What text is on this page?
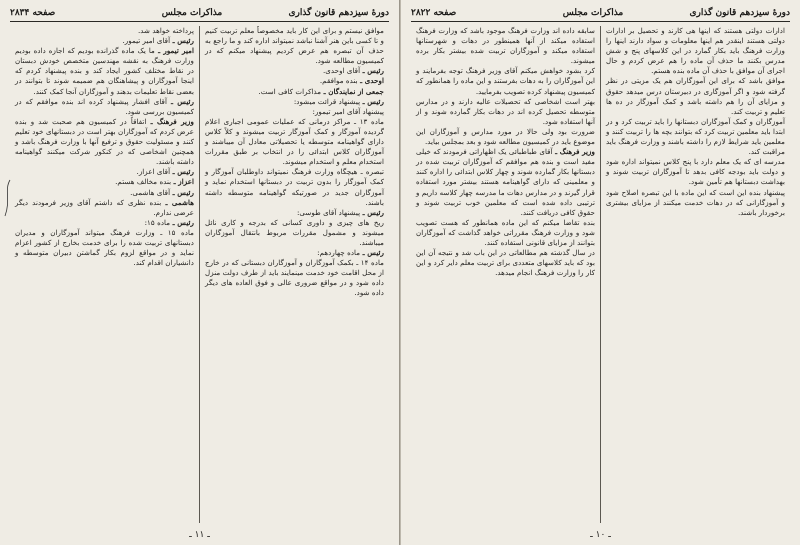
دورهٔ سیزدهم قانون گذاری
مذاکرات مجلس
صفحه ۲۸۳۴

موافق نیستم و برای این کار باید مخصوصاً معلم تربیت کنیم و تا کسی باین هنر آشنا نباشد نمیتواند اداره کند و ما راجع به حذف آن تبصره هم عرض کردیم پیشنهاد میکنم که در کمیسیون مطالعه شود.

رئیس ـ آقای اوحدی.

اوحدی ـ بنده موافقم.

جمعی از نمایندگان ـ مذاکرات کافی است.

رئیس ـ پیشنهاد قرائت میشود:

پیشنهاد آقای امیر تیمور:

ماده ۱۳ ـ مراکز درمانی که عملیات عمومی اجباری اعلام گردیده آموزگار و کمک آموزگار تربیت میشوند و کلاً کلاس دارای گواهینامه متوسطه یا تحصیلاتی معادل آن میباشند و آموزگاران کلاس ابتدائی را در انتخاب بر طبق مقررات استخدام معلم و استخدام میشوند.

تبصره ـ هیچگاه وزارت فرهنگ نمیتواند داوطلبان آموزگار و کمک آموزگار را بدون تربیت در دبستانها استخدام نماید و آموزگاران جدید در صورتیکه گواهینامه متوسطه داشته باشند.

رئیس ـ پیشنهاد آقای طوسی:

ریخ های چیزی و داوری کسانی که بدرجه و کاری نائل میشوند و مشمول مقررات مربوط بانتقال آموزگاران میباشند.

رئیس ـ ماده چهاردهم:

ماده ۱۴ ـ بکمک آموزگاران و آموزگاران دبستانی که در خارج از محل اقامت خود خدمت مینمایند باید از طرف دولت منزل داده شود و در مواقع ضروری عالی و فوق العاده های دیگر داده شود.

پرداخته خواهد شد.

رئیس ـ آقای امیر تیمور.

امیر تیمور ـ ما یک ماده گذرانده بودیم که اجازه داده بودیم وزارت فرهنگ به نقشه مهندسین متخصص خودش دبستان در نقاط مختلف کشور ایجاد کند و بنده پیشنهاد کردم که اینجا آموزگاران و پیشاهنگان هم ضمیمه شوند تا بتوانند در بعضی نقاط تعلیمات بدهند و آموزگاران آنجا کمک کنند.

رئیس ـ آقای افشار پیشنهاد کرده اند بنده موافقم که در کمیسیون بررسی شود.

وزیر فرهنگ ـ اتفاقاً در کمیسیون هم صحبت شد و بنده عرض کردم که آموزگاران بهتر است در دبستانهای خود تعلیم کنند و مسئولیت حقوق و ترفیع آنها با وزارت فرهنگ باشد و همچنین اشخاصی که در کنکور شرکت میکنند گواهینامه داشته باشند.

رئیس ـ آقای اعزاز.

اعزاز ـ بنده مخالف هستم.

رئیس ـ آقای هاشمی.

هاشمی ـ بنده نظری که داشتم آقای وزیر فرمودند دیگر عرضی ندارم.

رئیس ـ ماده ۱۵:

ماده ۱۵ ـ وزارت فرهنگ میتواند آموزگاران و مدیران دبستانهای تربیت شده را برای خدمت بخارج از کشور اعزام نماید و در مواقع لزوم بکار گماشتن دبیران متوسطه و دانشیاران اقدام کند.

ـ ۱۱ ـ
دورهٔ سیزدهم قانون گذاری
مذاکرات مجلس
صفحه ۲۸۲۲

ادارات دولتی هستند که اینها هی کارند و تحصیل بر ادارات دولتی هستند اینقدر هم اینها معلومات و سواد دارند اینها را وزارت فرهنگ باید بکار گمارد در این کلاسهای پنج و شش مدرس بکنند ما حذف آن ماده را هم عرض کردم و حال اجرای آن موافق با حذف آن ماده بنده هستم.

موافق باشد که برای این آموزگاران هم یک مزیتی در نظر گرفته شود و اگر آموزگاری در دبیرستان درس میدهد حقوق و مزایای آن را هم داشته باشد و کمک آموزگار در ده ها تعلیم و تربیت کند.

آموزگاران و کمک آموزگاران دبستانها را باید تربیت کرد و در ابتدا باید معلمین تربیت کرد که بتوانند بچه ها را تربیت کنند و معلمین باید شرایط لازم را داشته باشند و وزارت فرهنگ باید مراقبت کند.

مدرسه ای که یک معلم دارد با پنج کلاس نمیتواند اداره شود و دولت باید بودجه کافی بدهد تا آموزگاران تربیت شوند و بهداشت دبستانها هم تأمین شود.

پیشنهاد بنده این است که این ماده با این تبصره اصلاح شود و آموزگارانی که در دهات خدمت میکنند از مزایای بیشتری برخوردار باشند.

سابقه داده اند وزارت فرهنگ موجود باشد که وزارت فرهنگ استفاده میکند از آنها همینطور در دهات و شهرستانها استفاده میکند و آموزگاران تربیت شده بیشتر بکار برده میشوند.

کرد بشود خواهش میکنم آقای وزیر فرهنگ توجه بفرمایند و این آموزگاران را به دهات بفرستند و این ماده را همانطور که کمیسیون پیشنهاد کرده تصویب بفرمایید.

بهتر است اشخاصی که تحصیلات عالیه دارند و در مدارس متوسطه تحصیل کرده اند در دهات بکار گمارده شوند و از آنها استفاده شود.

ضرورت بود ولی حالا در مورد مدارس و آموزگاران این موضوع باید در کمیسیون مطالعه شود و بعد بمجلس بیاید.

وزیر فرهنگ ـ آقای طباطبائی یک اظهاراتی فرمودند که خیلی مفید است و بنده هم موافقم که آموزگاران تربیت شده در دبستانها بکار گمارده شوند و چهار کلاس ابتدائی را اداره کنند و معلمینی که دارای گواهینامه هستند بیشتر مورد استفاده قرار گیرند و در مدارس دهات ما مدرسه چهار کلاسه داریم و ترتیبی داده شده است که معلمین خوب تربیت شوند و حقوق کافی دریافت کنند.

بنده تقاضا میکنم که این ماده همانطور که هست تصویب شود و وزارت فرهنگ مقرراتی خواهد گذاشت که آموزگاران بتوانند از مزایای قانونی استفاده کنند.

در سال گذشته هم مطالعاتی در این باب شد و نتیجه آن این بود که باید کلاسهای متعددی برای تربیت معلم دایر کرد و این کار را وزارت فرهنگ انجام میدهد.

ـ ۱۰ ـ
